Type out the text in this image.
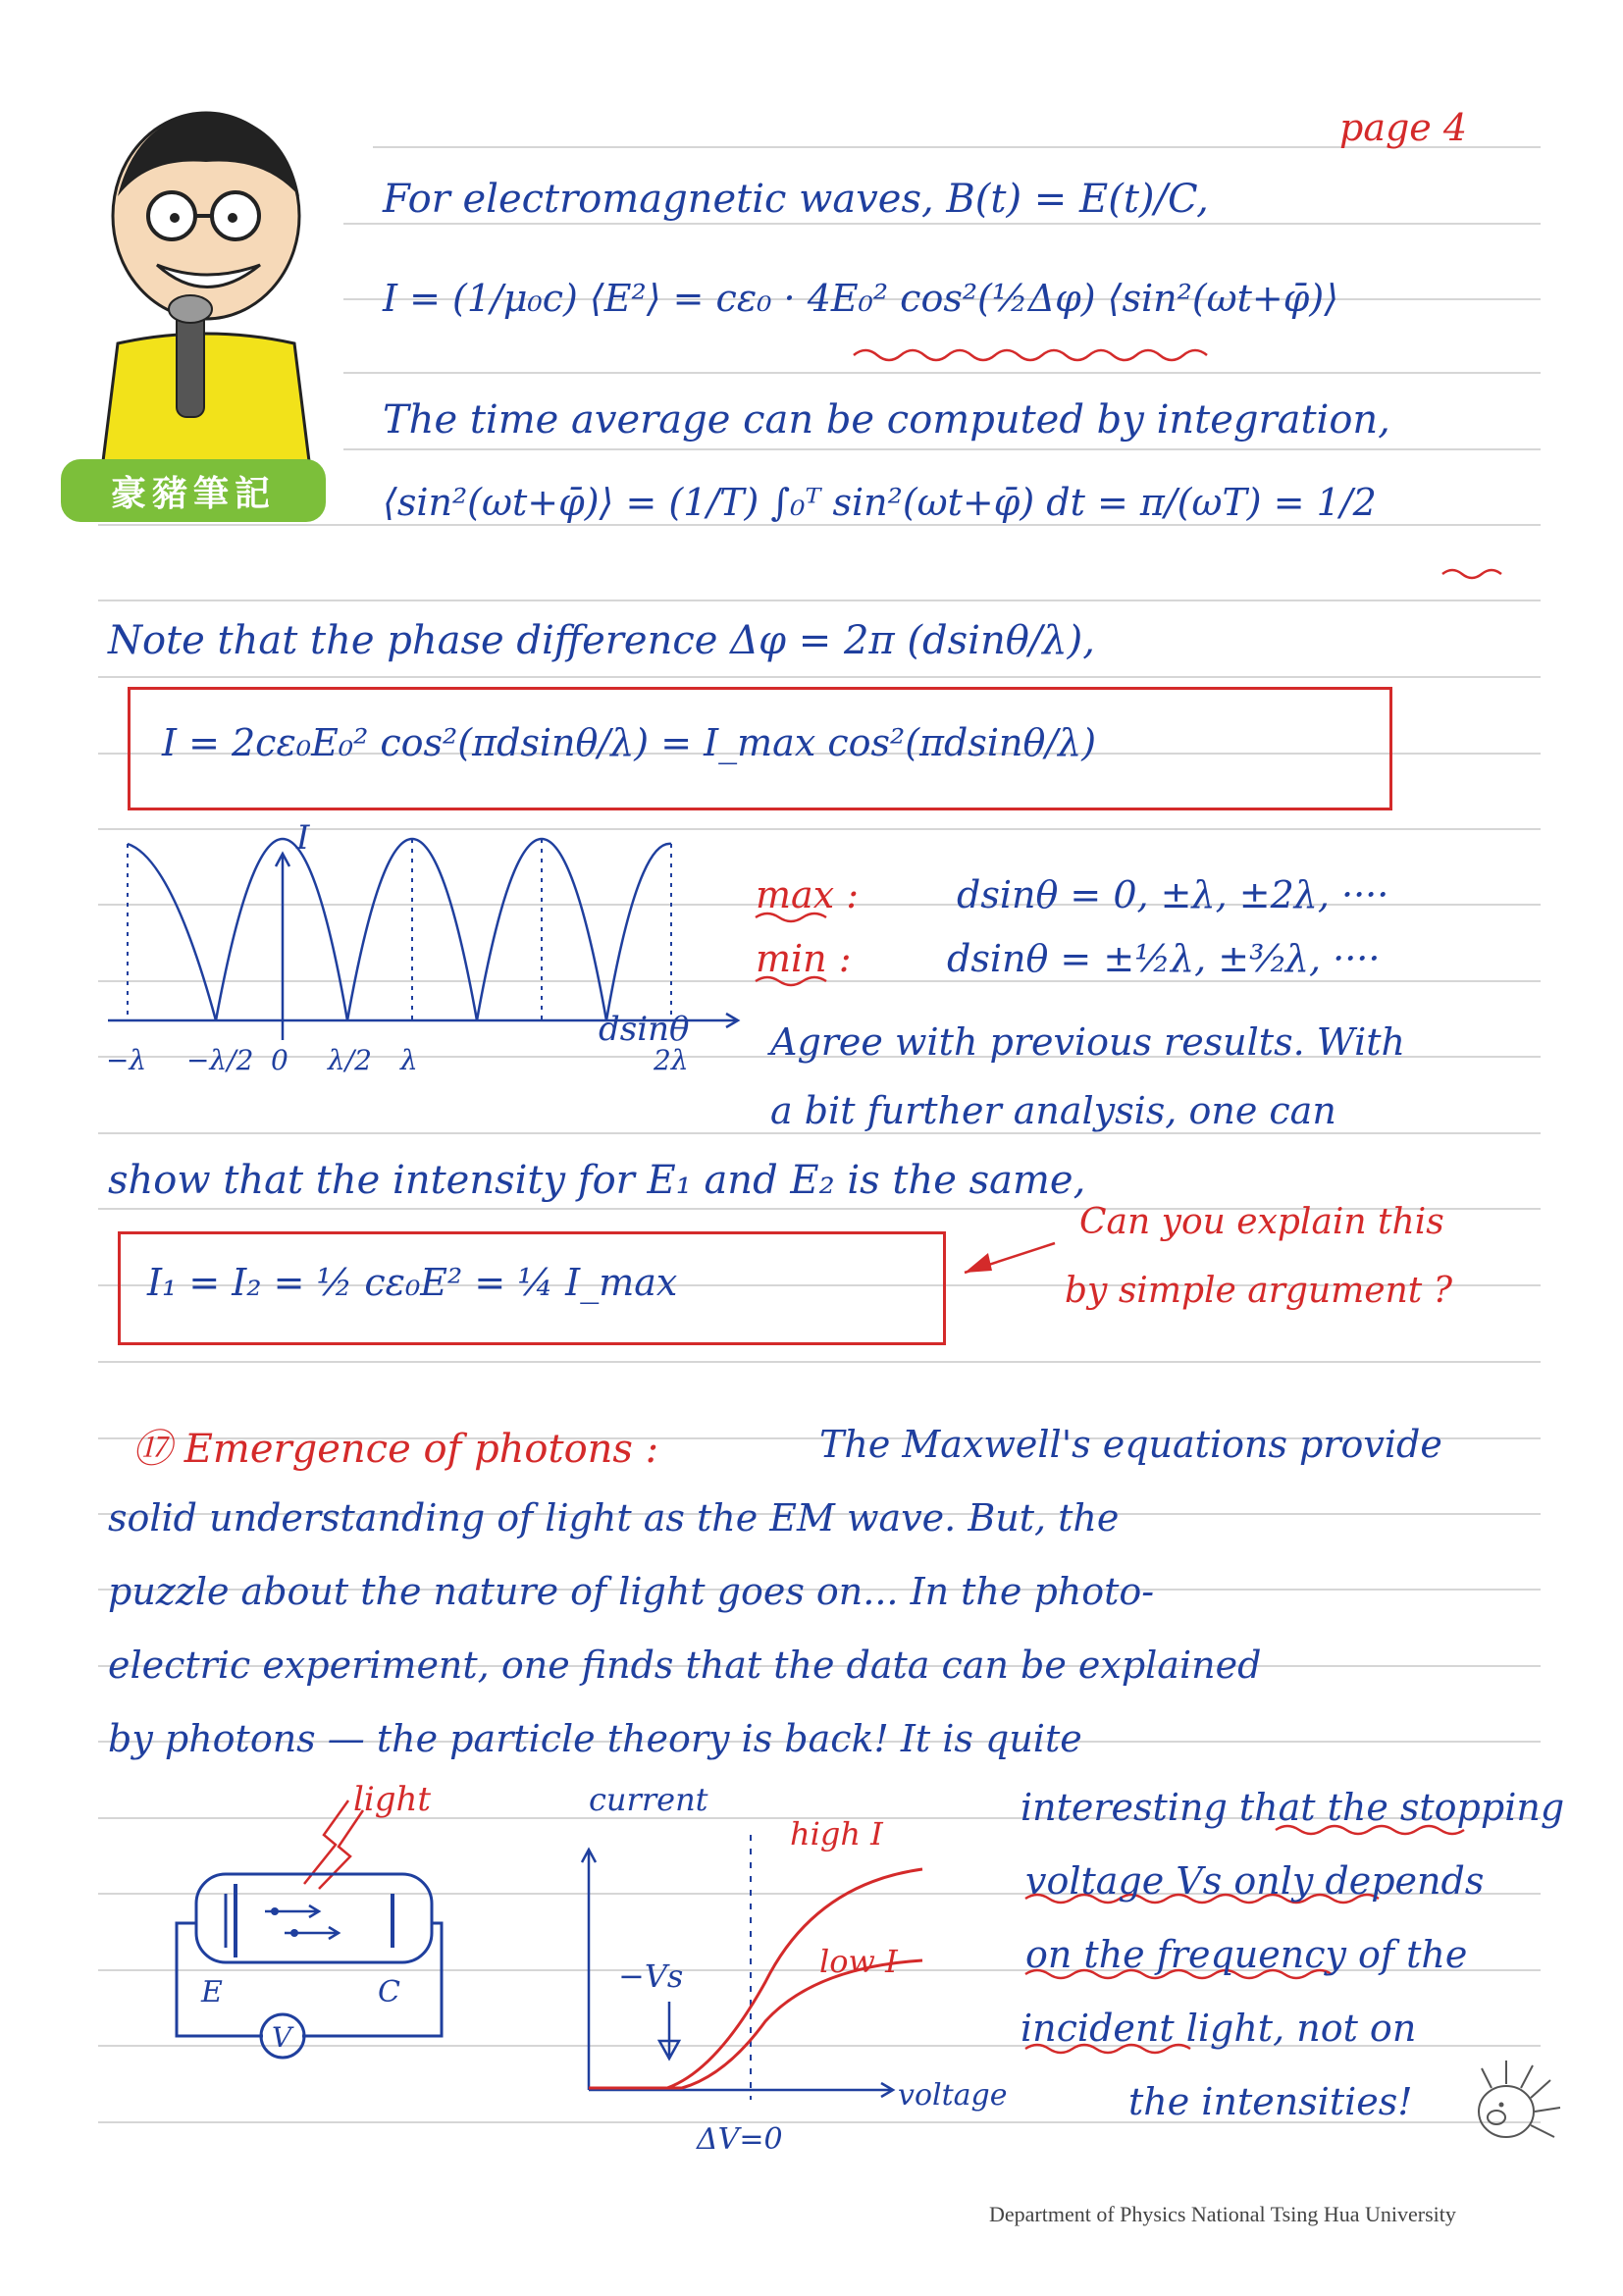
豪豬筆記
page 4
For electromagnetic waves, B(t) = E(t)/C,
I = (1/μ₀c) ⟨E²⟩ = cε₀ · 4E₀² cos²(½Δφ) ⟨sin²(ωt+φ̄)⟩
The time average can be computed by integration,
⟨sin²(ωt+φ̄)⟩ = (1/T) ∫₀ᵀ sin²(ωt+φ̄) dt = π/(ωT) = 1/2
Note that the phase difference Δφ = 2π (dsinθ/λ),
I = 2cε₀E₀² cos²(πdsinθ/λ) = I_max cos²(πdsinθ/λ)
I
dsinθ
−λ −λ/2 0 λ/2 λ	2λ
max :	dsinθ = 0, ±λ, ±2λ, ····
min :	dsinθ = ±½λ, ±³⁄₂λ, ····
Agree with previous results. With
a bit further analysis, one can
show that the intensity for E₁ and E₂ is the same,
I₁ = I₂ = ½ cε₀E² = ¼ I_max
Can you explain this
by simple argument ?
⑰ Emergence of photons :	The Maxwell's equations provide
solid understanding of light as the EM wave. But, the
puzzle about the nature of light goes on... In the photo-
electric experiment, one finds that the data can be explained
by photons — the particle theory is back! It is quite
light
V
E	C
current
voltage
high I
low I
−Vs
ΔV=0
interesting that the stopping
voltage Vs only depends
on the frequency of the
incident light, not on
the intensities!
Department of Physics National Tsing Hua University
